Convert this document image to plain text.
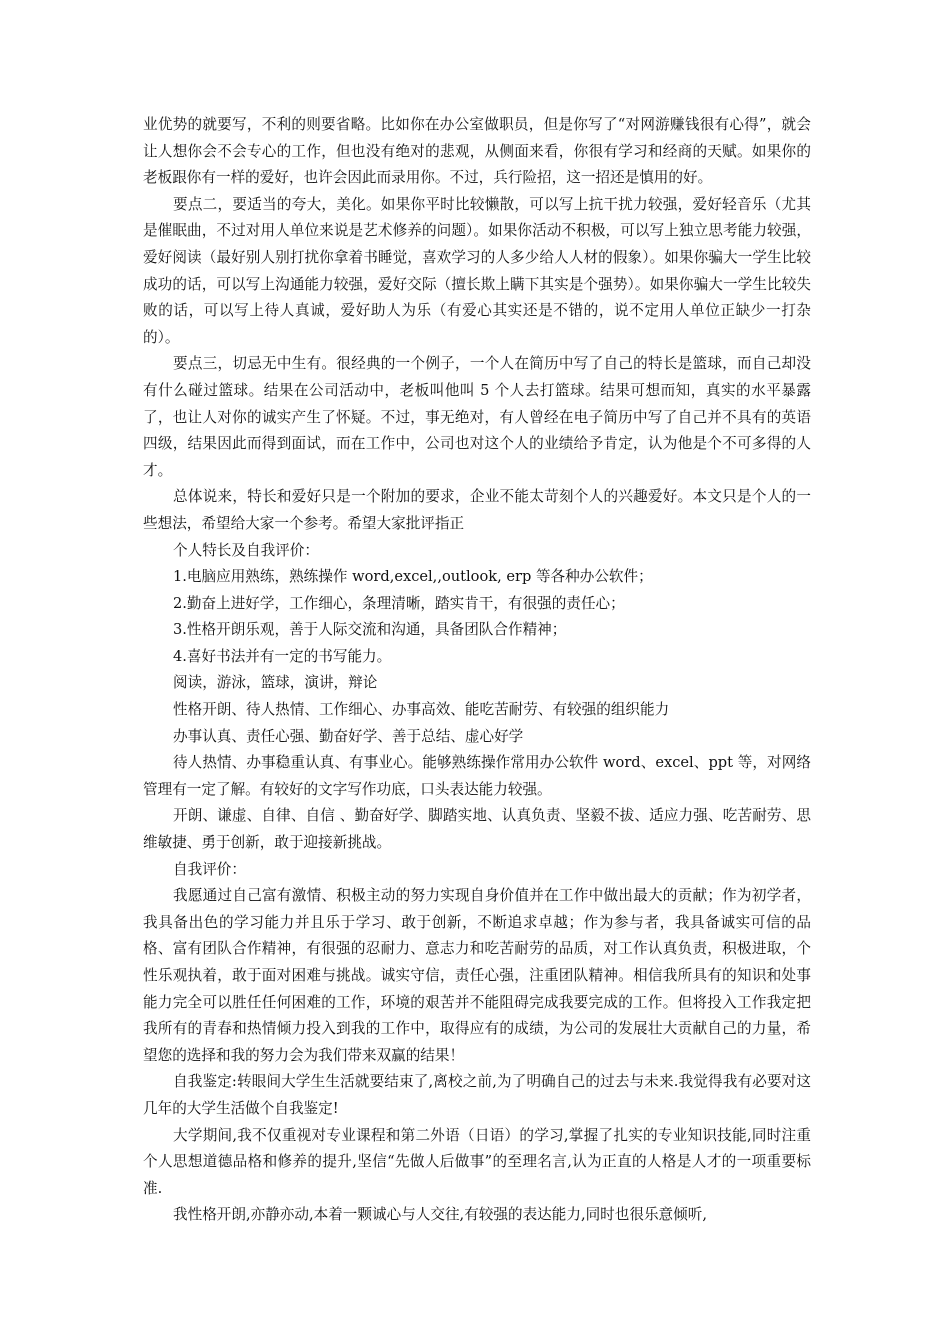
业优势的就要写，不利的则要省略。比如你在办公室做职员，但是你写了“对网游赚钱很有心得”，就会让人想你会不会专心的工作，但也没有绝对的悲观，从侧面来看，你很有学习和经商的天赋。如果你的老板跟你有一样的爱好，也许会因此而录用你。不过，兵行险招，这一招还是慎用的好。

要点二，要适当的夸大，美化。如果你平时比较懒散，可以写上抗干扰力较强，爱好轻音乐（尤其是催眠曲，不过对用人单位来说是艺术修养的问题）。如果你活动不积极，可以写上独立思考能力较强，爱好阅读（最好别人别打扰你拿着书睡觉，喜欢学习的人多少给人人材的假象）。如果你骗大一学生比较成功的话，可以写上沟通能力较强，爱好交际（擅长欺上瞒下其实是个强势）。如果你骗大一学生比较失败的话，可以写上待人真诚，爱好助人为乐（有爱心其实还是不错的，说不定用人单位正缺少一打杂的）。

要点三，切忌无中生有。很经典的一个例子，一个人在简历中写了自己的特长是篮球，而自己却没有什么碰过篮球。结果在公司活动中，老板叫他叫 5 个人去打篮球。结果可想而知，真实的水平暴露了，也让人对你的诚实产生了怀疑。不过，事无绝对，有人曾经在电子简历中写了自己并不具有的英语四级，结果因此而得到面试，而在工作中，公司也对这个人的业绩给予肯定，认为他是个不可多得的人才。

总体说来，特长和爱好只是一个附加的要求，企业不能太苛刻个人的兴趣爱好。本文只是个人的一些想法，希望给大家一个参考。希望大家批评指正

个人特长及自我评价：

1.电脑应用熟练，熟练操作 word,excel,,outlook, erp 等各种办公软件；

2.勤奋上进好学，工作细心，条理清晰，踏实肯干，有很强的责任心；

3.性格开朗乐观，善于人际交流和沟通，具备团队合作精神；

4.喜好书法并有一定的书写能力。

阅读，游泳，篮球，演讲，辩论

性格开朗、待人热情、工作细心、办事高效、能吃苦耐劳、有较强的组织能力

办事认真、责任心强、勤奋好学、善于总结、虚心好学

待人热情、办事稳重认真、有事业心。能够熟练操作常用办公软件 word、excel、ppt 等，对网络管理有一定了解。有较好的文字写作功底，口头表达能力较强。

开朗、谦虚、自律、自信 、勤奋好学、脚踏实地、认真负责、坚毅不拔、适应力强、吃苦耐劳、思维敏捷、勇于创新，敢于迎接新挑战。

自我评价：

我愿通过自己富有激情、积极主动的努力实现自身价值并在工作中做出最大的贡献；作为初学者，我具备出色的学习能力并且乐于学习、敢于创新，不断追求卓越；作为参与者，我具备诚实可信的品格、富有团队合作精神，有很强的忍耐力、意志力和吃苦耐劳的品质，对工作认真负责，积极进取，个性乐观执着，敢于面对困难与挑战。诚实守信，责任心强，注重团队精神。相信我所具有的知识和处事能力完全可以胜任任何困难的工作，环境的艰苦并不能阻碍完成我要完成的工作。但将投入工作我定把我所有的青春和热情倾力投入到我的工作中，取得应有的成绩，为公司的发展壮大贡献自己的力量，希望您的选择和我的努力会为我们带来双赢的结果！

自我鉴定:转眼间大学生生活就要结束了,离校之前,为了明确自己的过去与未来.我觉得我有必要对这几年的大学生活做个自我鉴定!

大学期间,我不仅重视对专业课程和第二外语（日语）的学习,掌握了扎实的专业知识技能,同时注重个人思想道德品格和修养的提升,坚信“先做人后做事”的至理名言,认为正直的人格是人才的一项重要标准.

我性格开朗,亦静亦动,本着一颗诚心与人交往,有较强的表达能力,同时也很乐意倾听,
